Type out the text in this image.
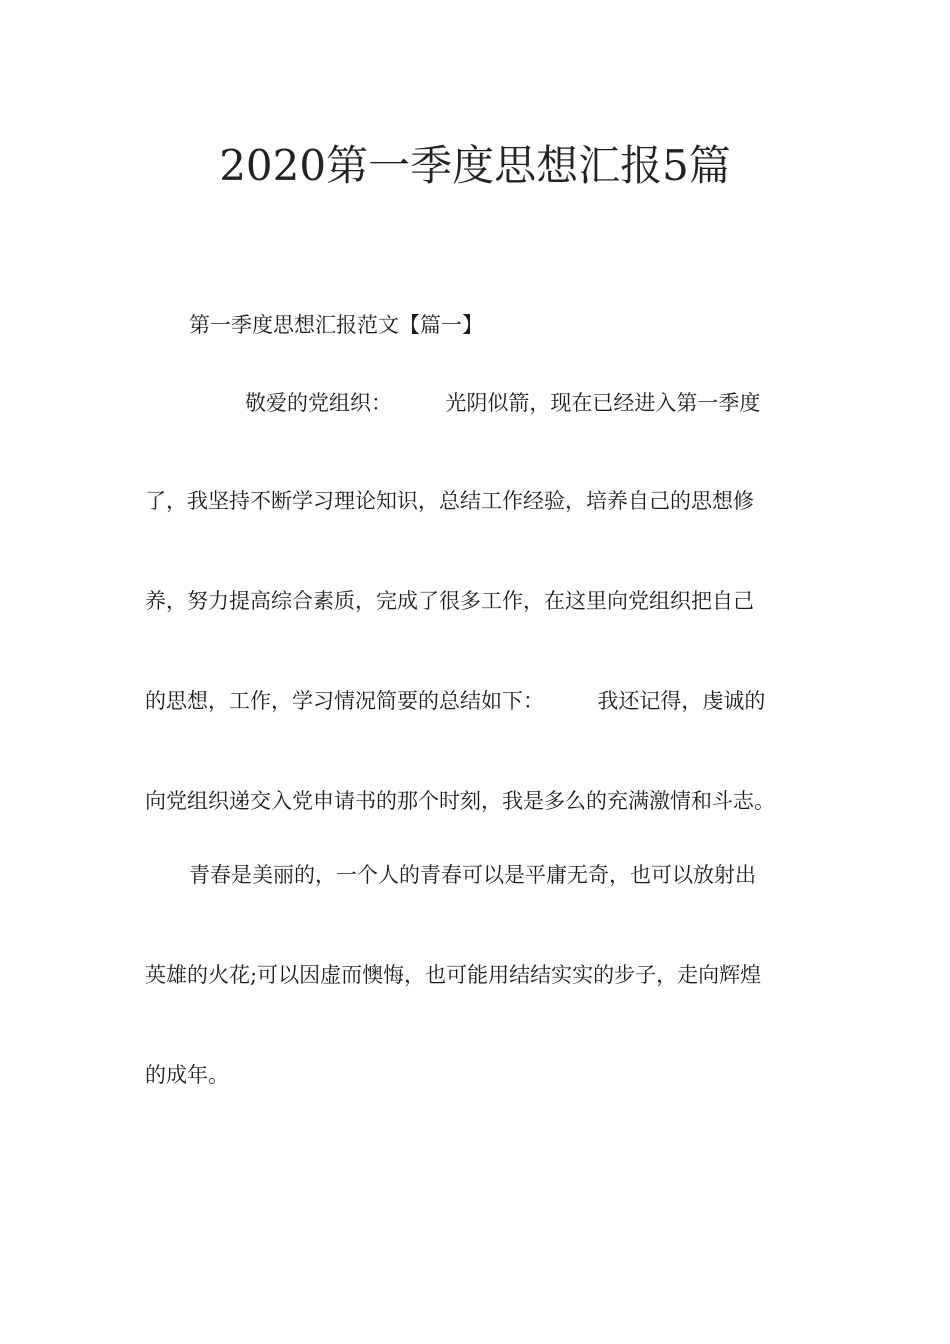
2020第一季度思想汇报5篇
第一季度思想汇报范文【篇一】
敬爱的党组织：        光阴似箭，现在已经进入第一季度
了，我坚持不断学习理论知识，总结工作经验，培养自己的思想修
养，努力提高综合素质，完成了很多工作，在这里向党组织把自己
的思想，工作，学习情况简要的总结如下：        我还记得，虔诚的
向党组织递交入党申请书的那个时刻，我是多么的充满激情和斗志。
青春是美丽的，一个人的青春可以是平庸无奇，也可以放射出
英雄的火花;可以因虚而懊悔，也可能用结结实实的步子，走向辉煌
的成年。
